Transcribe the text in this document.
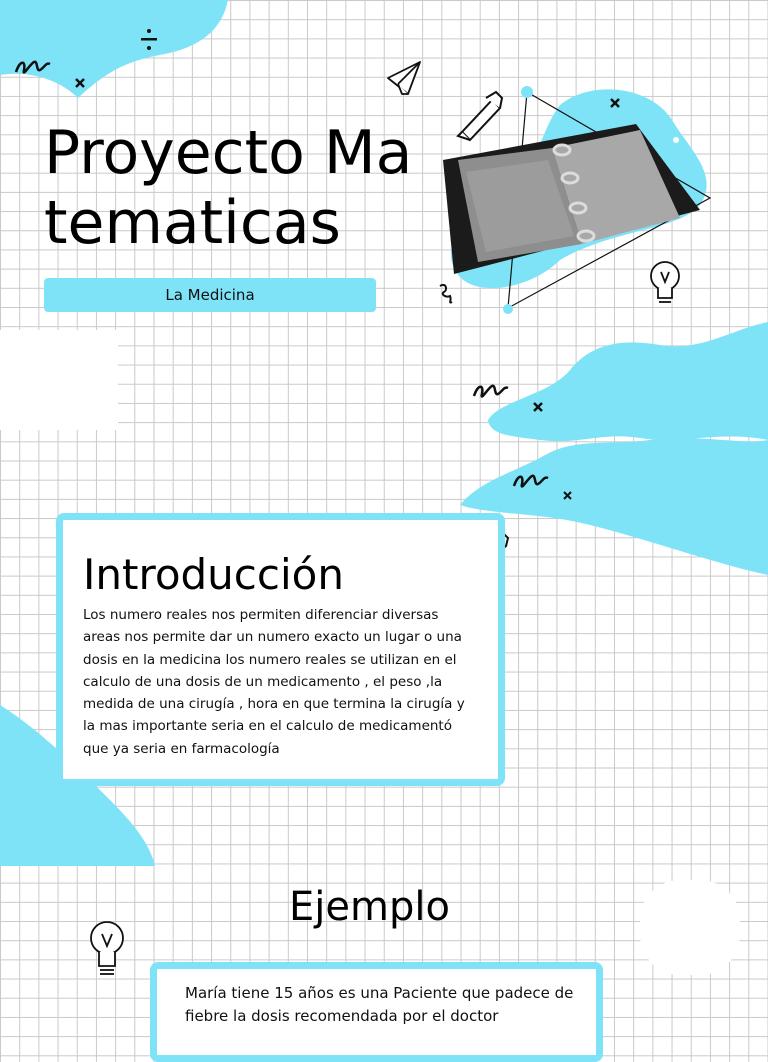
Proyecto Matematicas
La Medicina
Introducción

Los numero reales nos permiten diferenciar diversas areas nos permite dar un numero exacto un lugar o una dosis en la medicina los numero reales se utilizan en el calculo de una dosis de un medicamento , el peso ,la medida de una cirugía , hora en que termina la cirugía y la mas importante seria en el calculo de medicamentó que ya seria en farmacología

Ejemplo

María tiene 15 años es una Paciente que padece de fiebre la dosis recomendada por el doctor
